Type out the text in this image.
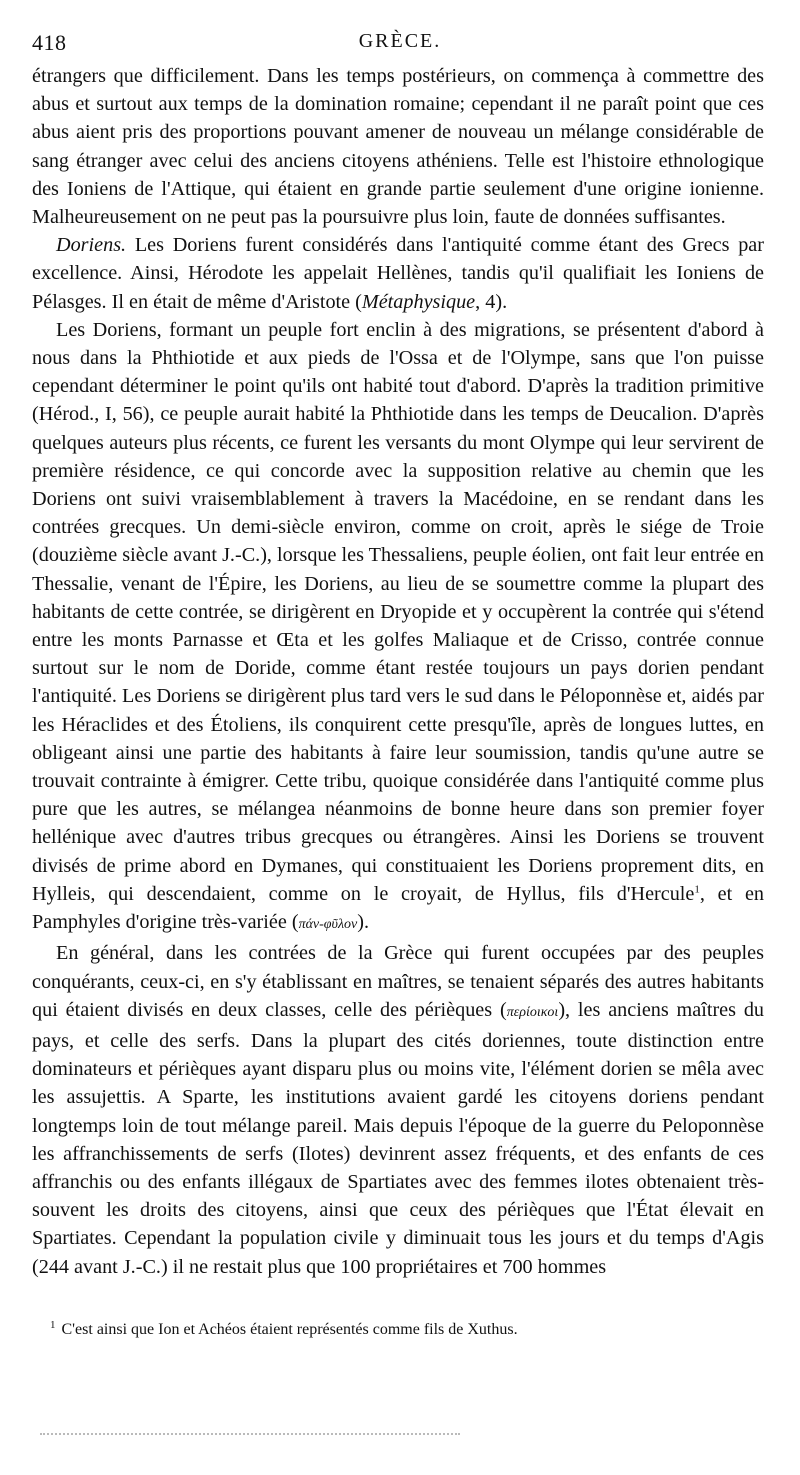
418	GRÈCE.

étrangers que difficilement. Dans les temps postérieurs, on commença à commettre des abus et surtout aux temps de la domination romaine; cependant il ne paraît point que ces abus aient pris des proportions pouvant amener de nouveau un mélange considérable de sang étranger avec celui des anciens citoyens athéniens. Telle est l'histoire ethnologique des Ioniens de l'Attique, qui étaient en grande partie seulement d'une origine ionienne. Malheureusement on ne peut pas la poursuivre plus loin, faute de données suffisantes.

Doriens. Les Doriens furent considérés dans l'antiquité comme étant des Grecs par excellence. Ainsi, Hérodote les appelait Hellènes, tandis qu'il qualifiait les Ioniens de Pélasges. Il en était de même d'Aristote (Métaphysique, 4).

Les Doriens, formant un peuple fort enclin à des migrations, se présentent d'abord à nous dans la Phthiotide et aux pieds de l'Ossa et de l'Olympe, sans que l'on puisse cependant déterminer le point qu'ils ont habité tout d'abord. D'après la tradition primitive (Hérod., I, 56), ce peuple aurait habité la Phthiotide dans les temps de Deucalion. D'après quelques auteurs plus récents, ce furent les versants du mont Olympe qui leur servirent de première résidence, ce qui concorde avec la supposition relative au chemin que les Doriens ont suivi vraisemblablement à travers la Macédoine, en se rendant dans les contrées grecques. Un demi-siècle environ, comme on croit, après le siége de Troie (douzième siècle avant J.-C.), lorsque les Thessaliens, peuple éolien, ont fait leur entrée en Thessalie, venant de l'Épire, les Doriens, au lieu de se soumettre comme la plupart des habitants de cette contrée, se dirigèrent en Dryopide et y occupèrent la contrée qui s'étend entre les monts Parnasse et Œta et les golfes Maliaque et de Crisso, contrée connue surtout sur le nom de Doride, comme étant restée toujours un pays dorien pendant l'antiquité. Les Doriens se dirigèrent plus tard vers le sud dans le Péloponnèse et, aidés par les Héraclides et des Étoliens, ils conquirent cette presqu'île, après de longues luttes, en obligeant ainsi une partie des habitants à faire leur soumission, tandis qu'une autre se trouvait contrainte à émigrer. Cette tribu, quoique considérée dans l'antiquité comme plus pure que les autres, se mélangea néanmoins de bonne heure dans son premier foyer hellénique avec d'autres tribus grecques ou étrangères. Ainsi les Doriens se trouvent divisés de prime abord en Dymanes, qui constituaient les Doriens proprement dits, en Hylleis, qui descendaient, comme on le croyait, de Hyllus, fils d'Hercule$^1$, et en Pamphyles d'origine très-variée (πάν-φῦλον).

En général, dans les contrées de la Grèce qui furent occupées par des peuples conquérants, ceux-ci, en s'y établissant en maîtres, se tenaient séparés des autres habitants qui étaient divisés en deux classes, celle des périèques (περίοικοι), les anciens maîtres du pays, et celle des serfs. Dans la plupart des cités doriennes, toute distinction entre dominateurs et périèques ayant disparu plus ou moins vite, l'élément dorien se mêla avec les assujettis. A Sparte, les institutions avaient gardé les citoyens doriens pendant longtemps loin de tout mélange pareil. Mais depuis l'époque de la guerre du Peloponnèse les affranchissements de serfs (Ilotes) devinrent assez fréquents, et des enfants de ces affranchis ou des enfants illégaux de Spartiates avec des femmes ilotes obtenaient très-souvent les droits des citoyens, ainsi que ceux des périèques que l'État élevait en Spartiates. Cependant la population civile y diminuait tous les jours et du temps d'Agis (244 avant J.-C.) il ne restait plus que 100 propriétaires et 700 hommes

$^1$ C'est ainsi que Ion et Achéos étaient représentés comme fils de Xuthus.
